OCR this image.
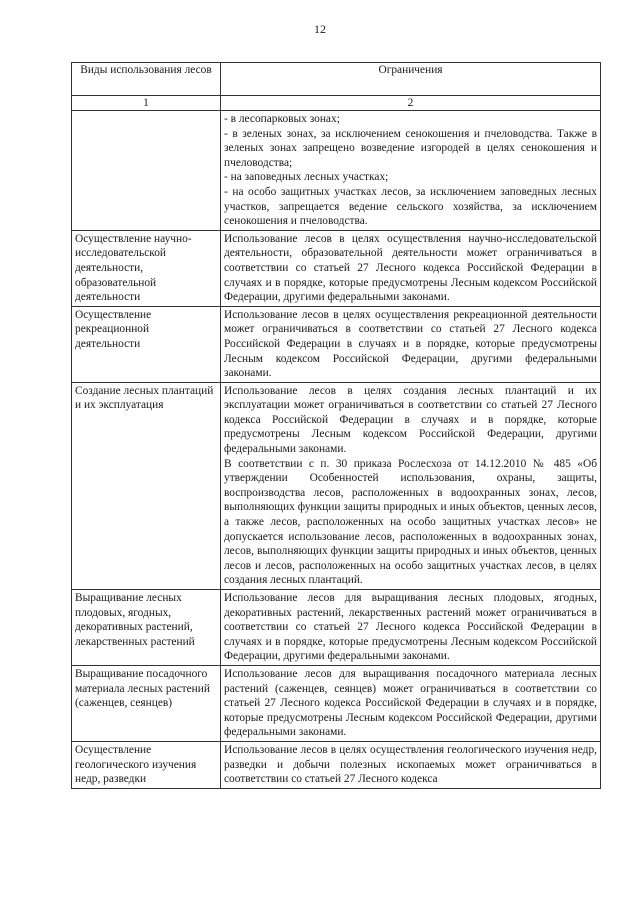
12
Виды использования лесов	Ограничения
1	2

	- в лесопарковых зонах;

- в зеленых зонах, за исключением сенокошения и пчеловодства. Также в зеленых зонах запрещено возведение изгородей в целях сенокошения и пчеловодства;

- на заповедных лесных участках;

- на особо защитных участках лесов, за исключением заповедных лесных участков, запрещается ведение сельского хозяйства, за исключением сенокошения и пчеловодства.

Осуществление научно-исследовательской деятельности, образовательной деятельности	Использование лесов в целях осуществления научно-исследовательской деятельности, образовательной деятельности может ограничиваться в соответствии со статьей 27 Лесного кодекса Российской Федерации в случаях и в порядке, которые предусмотрены Лесным кодексом Российской Федерации, другими федеральными законами.

Осуществление рекреационной деятельности	Использование лесов в целях осуществления рекреационной деятельности может ограничиваться в соответствии со статьей 27 Лесного кодекса Российской Федерации в случаях и в порядке, которые предусмотрены Лесным кодексом Российской Федерации, другими федеральными законами.

Создание лесных плантаций и их эксплуатация	Использование лесов в целях создания лесных плантаций и их эксплуатации может ограничиваться в соответствии со статьей 27 Лесного кодекса Российской Федерации в случаях и в порядке, которые предусмотрены Лесным кодексом Российской Федерации, другими федеральными законами.

В соответствии с п. 30 приказа Рослесхоза от 14.12.2010 № 485 «Об утверждении Особенностей использования, охраны, защиты, воспроизводства лесов, расположенных в водоохранных зонах, лесов, выполняющих функции защиты природных и иных объектов, ценных лесов, а также лесов, расположенных на особо защитных участках лесов» не допускается использование лесов, расположенных в водоохранных зонах, лесов, выполняющих функции защиты природных и иных объектов, ценных лесов и лесов, расположенных на особо защитных участках лесов, в целях создания лесных плантаций.

Выращивание лесных плодовых, ягодных, декоративных растений, лекарственных растений	Использование лесов для выращивания лесных плодовых, ягодных, декоративных растений, лекарственных растений может ограничиваться в соответствии со статьей 27 Лесного кодекса Российской Федерации в случаях и в порядке, которые предусмотрены Лесным кодексом Российской Федерации, другими федеральными законами.

Выращивание посадочного материала лесных растений (саженцев, сеянцев)	Использование лесов для выращивания посадочного материала лесных растений (саженцев, сеянцев) может ограничиваться в соответствии со статьей 27 Лесного кодекса Российской Федерации в случаях и в порядке, которые предусмотрены Лесным кодексом Российской Федерации, другими федеральными законами.

Осуществление геологического изучения недр, разведки	Использование лесов в целях осуществления геологического изучения недр, разведки и добычи полезных ископаемых может ограничиваться в соответствии со статьей 27 Лесного кодекса
